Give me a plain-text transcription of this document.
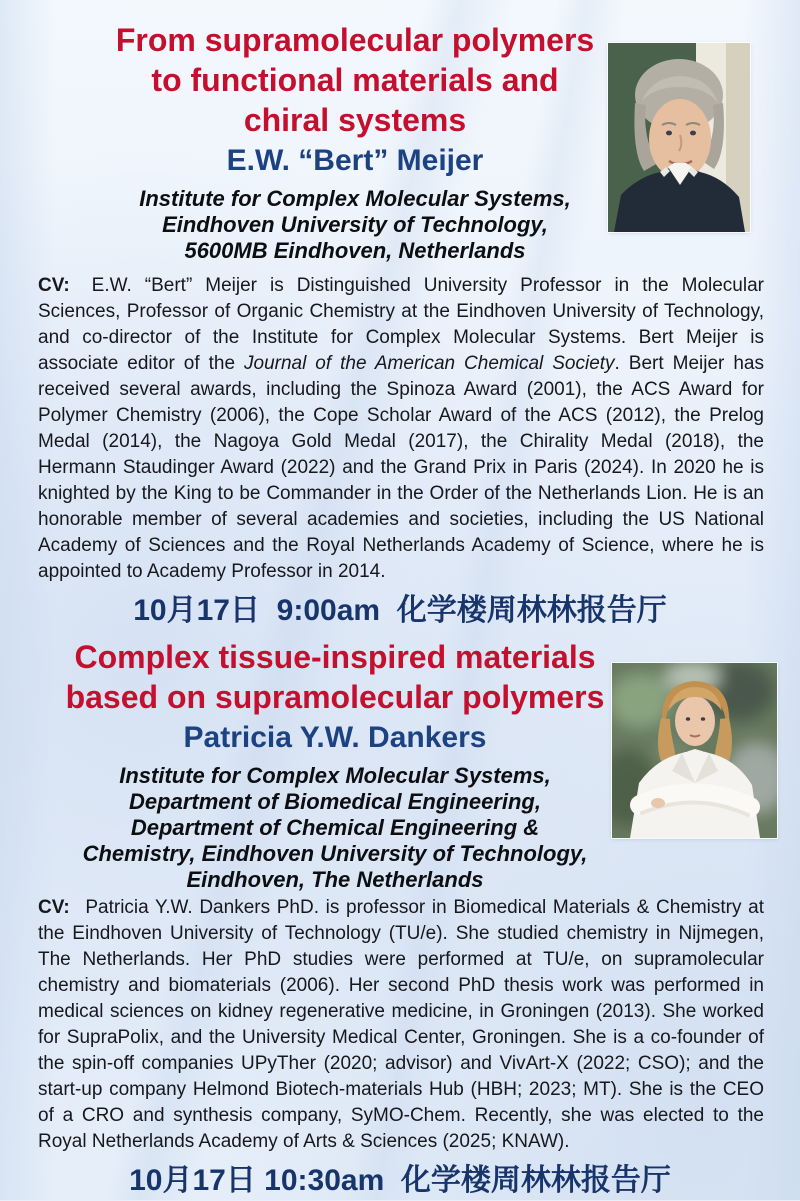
From supramolecular polymers
to functional materials and
chiral systems
E.W. “Bert” Meijer
Institute for Complex Molecular Systems,
Eindhoven University of Technology,
5600MB Eindhoven, Netherlands

CV: E.W. “Bert” Meijer is Distinguished University Professor in the Molecular Sciences, Professor of Organic Chemistry at the Eindhoven University of Technology, and co-director of the Institute for Complex Molecular Systems. Bert Meijer is associate editor of the Journal of the American Chemical Society. Bert Meijer has received several awards, including the Spinoza Award (2001), the ACS Award for Polymer Chemistry (2006), the Cope Scholar Award of the ACS (2012), the Prelog Medal (2014), the Nagoya Gold Medal (2017), the Chirality Medal (2018), the Hermann Staudinger Award (2022) and the Grand Prix in Paris (2024). In 2020 he is knighted by the King to be Commander in the Order of the Netherlands Lion. He is an honorable member of several academies and societies, including the US National Academy of Sciences and the Royal Netherlands Academy of Science, where he is appointed to Academy Professor in 2014.

10月17日  9:00am  化学楼周林林报告厅
Complex tissue-inspired materials
based on supramolecular polymers
Patricia Y.W. Dankers
Institute for Complex Molecular Systems,
Department of Biomedical Engineering,
Department of Chemical Engineering &
Chemistry, Eindhoven University of Technology,
Eindhoven, The Netherlands

CV: Patricia Y.W. Dankers PhD. is professor in Biomedical Materials & Chemistry at the Eindhoven University of Technology (TU/e). She studied chemistry in Nijmegen, The Netherlands. Her PhD studies were performed at TU/e, on supramolecular chemistry and biomaterials (2006). Her second PhD thesis work was performed in medical sciences on kidney regenerative medicine, in Groningen (2013). She worked for SupraPolix, and the University Medical Center, Groningen. She is a co-founder of the spin-off companies UPyTher (2020; advisor) and VivArt-X (2022; CSO); and the start-up company Helmond Biotech-materials Hub (HBH; 2023; MT). She is the CEO of a CRO and synthesis company, SyMO-Chem. Recently, she was elected to the Royal Netherlands Academy of Arts & Sciences (2025; KNAW).

10月17日 10:30am  化学楼周林林报告厅
